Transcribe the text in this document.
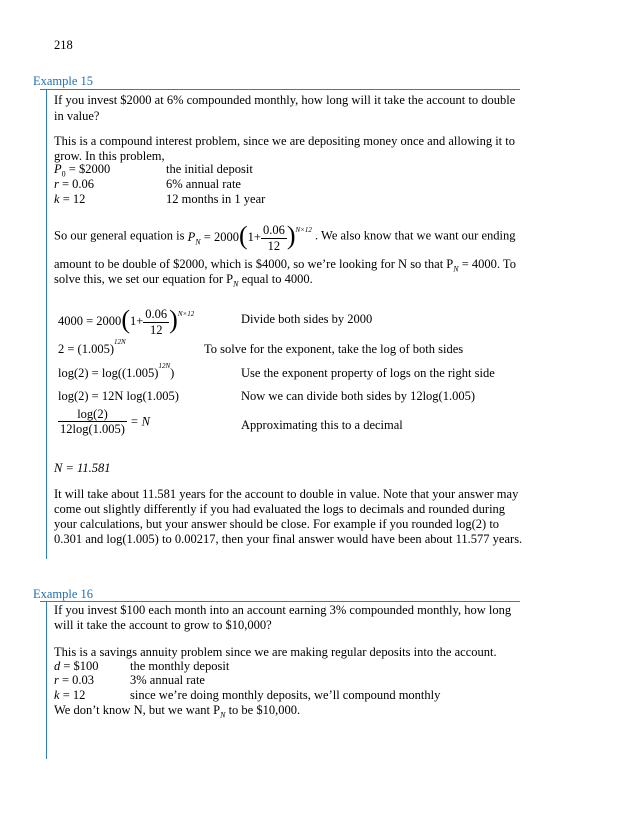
218
Example 15
If you invest $2000 at 6% compounded monthly, how long will it take the account to double
in value?
This is a compound interest problem, since we are depositing money once and allowing it to
grow. In this problem,
$P_0$ = $2000	the initial deposit
r = 0.06	6% annual rate
k = 12	12 months in 1 year
So our general equation is $P_N = 2000(1+ \frac{0.06}{12} )^{N\times 12}$ . We also know that we want our ending
amount to be double of $2000, which is $4000, so we’re looking for N so that $P_N = 4000$. To
solve this, we set our equation for $P_N$ equal to 4000.
$4000 = 2000(1+ \frac{0.06}{12} )^{N\times 12}$	Divide both sides by 2000
$2 = (1.005)^{12N}$	To solve for the exponent, take the log of both sides
$\log(2) = \log((1.005)^{12N})$	Use the exponent property of logs on the right side
log(2) = 12N log(1.005)	Now we can divide both sides by 12log(1.005)
$\frac{\log(2)}{12\log(1.005)} = N$	Approximating this to a decimal
N = 11.581
It will take about 11.581 years for the account to double in value. Note that your answer may
come out slightly differently if you had evaluated the logs to decimals and rounded during
your calculations, but your answer should be close. For example if you rounded log(2) to
0.301 and log(1.005) to 0.00217, then your final answer would have been about 11.577 years.
Example 16
If you invest $100 each month into an account earning 3% compounded monthly, how long
will it take the account to grow to $10,000?
This is a savings annuity problem since we are making regular deposits into the account.
d = $100	the monthly deposit
r = 0.03	3% annual rate
k = 12	since we’re doing monthly deposits, we’ll compound monthly
We don’t know N, but we want $P_N$ to be $10,000.
